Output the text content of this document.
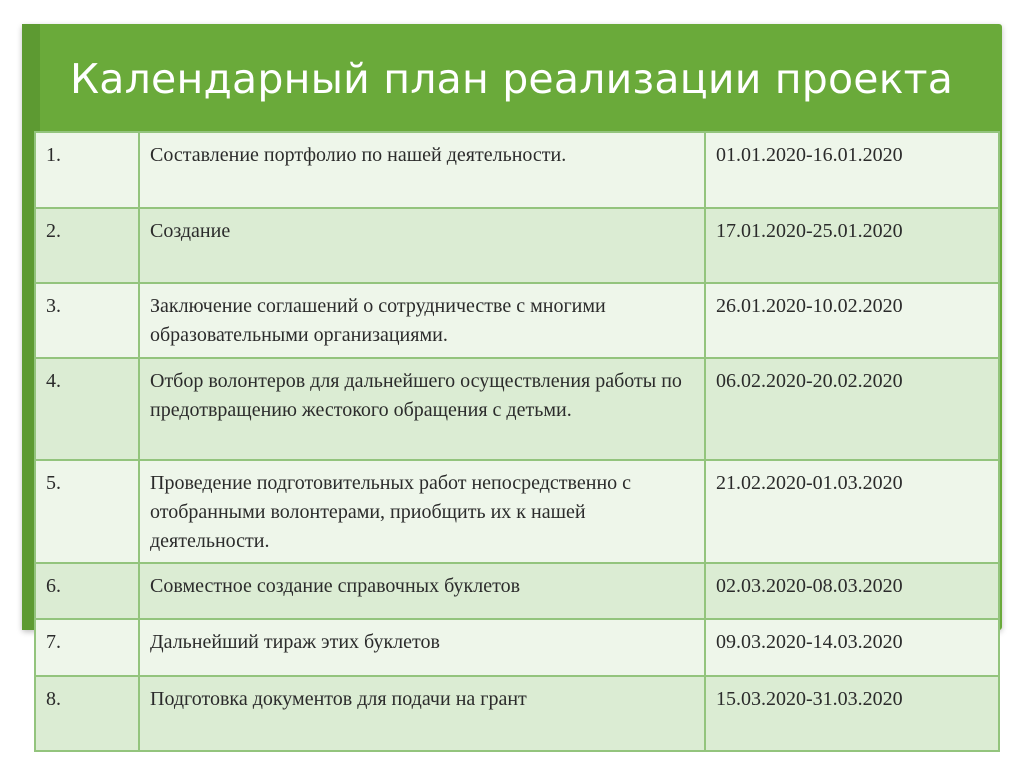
Календарный план реализации проекта
1.	Составление портфолио по нашей деятельности.	01.01.2020-16.01.2020
2.	Создание	17.01.2020-25.01.2020
3.	Заключение соглашений о сотрудничестве с многими образовательными организациями.	26.01.2020-10.02.2020
4.	Отбор волонтеров для дальнейшего осуществления работы по предотвращению жестокого обращения с детьми.	06.02.2020-20.02.2020
5.	Проведение подготовительных работ непосредственно с отобранными волонтерами, приобщить их к нашей деятельности.	21.02.2020-01.03.2020
6.	Совместное создание справочных буклетов	02.03.2020-08.03.2020
7.	Дальнейший тираж этих буклетов	09.03.2020-14.03.2020
8.	Подготовка документов для подачи на грант	15.03.2020-31.03.2020
